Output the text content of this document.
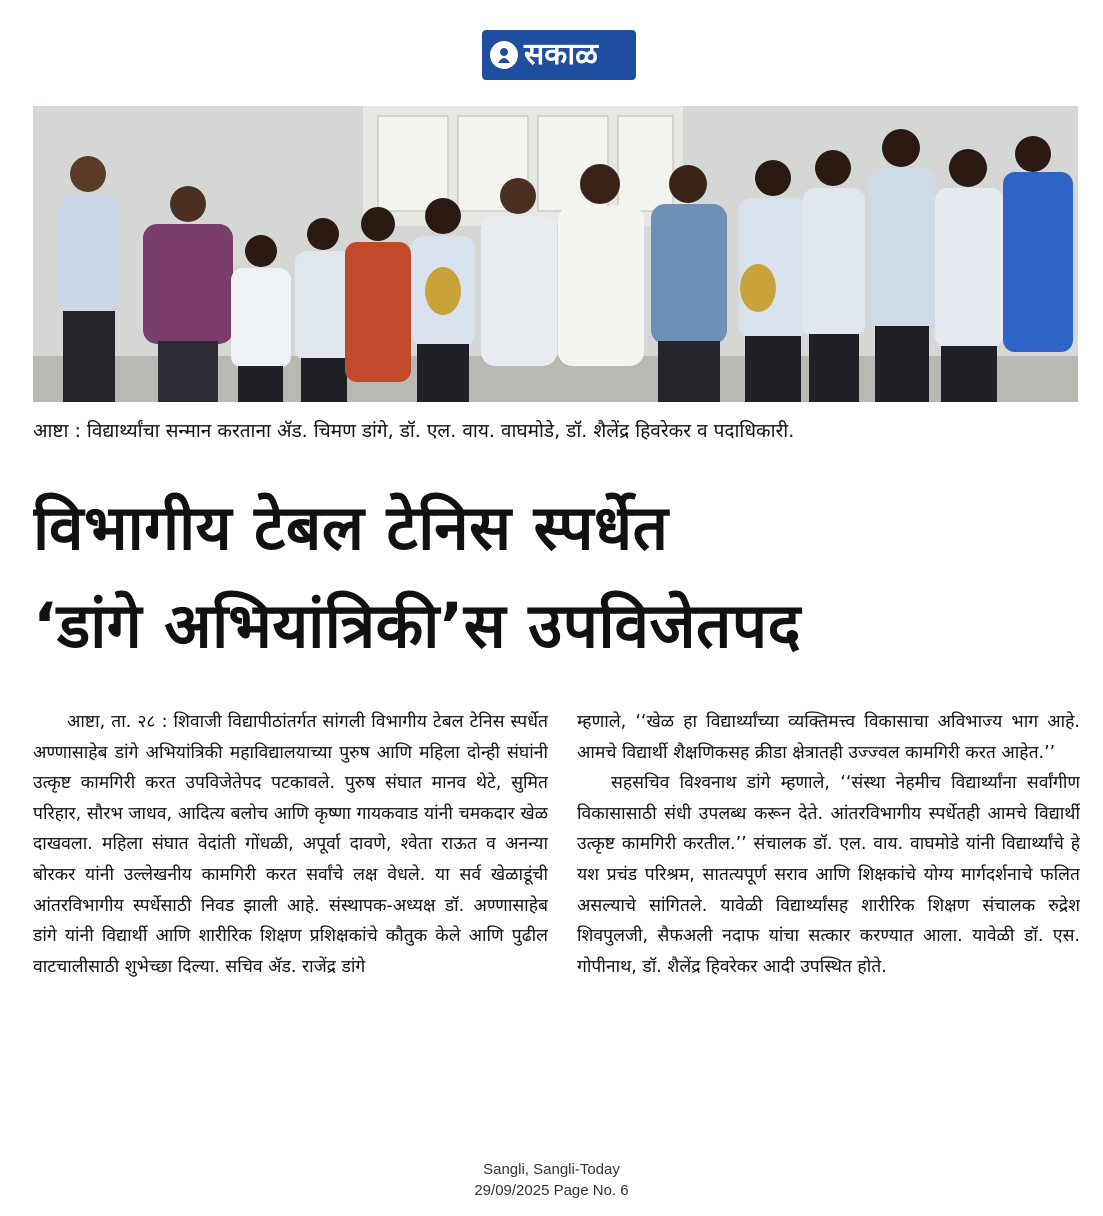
सकाळ
आष्टा : विद्यार्थ्यांचा सन्मान करताना ॲड. चिमण डांगे, डॉ. एल. वाय. वाघमोडे, डॉ. शैलेंद्र हिवरेकर व पदाधिकारी.
विभागीय टेबल टेनिस स्पर्धेत
‘डांगे अभियांत्रिकी’स उपविजेतपद

आष्टा, ता. २८ : शिवाजी विद्यापीठांतर्गत सांगली विभागीय टेबल टेनिस स्पर्धेत अण्णासाहेब डांगे अभियांत्रिकी महाविद्यालयाच्या पुरुष आणि महिला दोन्ही संघांनी उत्कृष्ट कामगिरी करत उपविजेतेपद पटकावले. पुरुष संघात मानव थेटे, सुमित परिहार, सौरभ जाधव, आदित्य बलोच आणि कृष्णा गायकवाड यांनी चमकदार खेळ दाखवला. महिला संघात वेदांती गोंधळी, अपूर्वा दावणे, श्वेता राऊत व अनन्या बोरकर यांनी उल्लेखनीय कामगिरी करत सर्वांचे लक्ष वेधले. या सर्व खेळाडूंची आंतरविभागीय स्पर्धेसाठी निवड झाली आहे. संस्थापक-अध्यक्ष डॉ. अण्णासाहेब डांगे यांनी विद्यार्थी आणि शारीरिक शिक्षण प्रशिक्षकांचे कौतुक केले आणि पुढील वाटचालीसाठी शुभेच्छा दिल्या. सचिव ॲड. राजेंद्र डांगे

म्हणाले, ‘‘खेळ हा विद्यार्थ्यांच्या व्यक्तिमत्त्व विकासाचा अविभाज्य भाग आहे. आमचे विद्यार्थी शैक्षणिकसह क्रीडा क्षेत्रातही उज्ज्वल कामगिरी करत आहेत.’’

सहसचिव विश्वनाथ डांगे म्हणाले, ‘‘संस्था नेहमीच विद्यार्थ्यांना सर्वांगीण विकासासाठी संधी उपलब्ध करून देते. आंतरविभागीय स्पर्धेतही आमचे विद्यार्थी उत्कृष्ट कामगिरी करतील.’’ संचालक डॉ. एल. वाय. वाघमोडे यांनी विद्यार्थ्यांचे हे यश प्रचंड परिश्रम, सातत्यपूर्ण सराव आणि शिक्षकांचे योग्य मार्गदर्शनाचे फलित असल्याचे सांगितले. यावेळी विद्यार्थ्यांसह शारीरिक शिक्षण संचालक रुद्रेश शिवपुलजी, सैफअली नदाफ यांचा सत्कार करण्यात आला. यावेळी डॉ. एस. गोपीनाथ, डॉ. शैलेंद्र हिवरेकर आदी उपस्थित होते.

Sangli, Sangli-Today
29/09/2025 Page No. 6
